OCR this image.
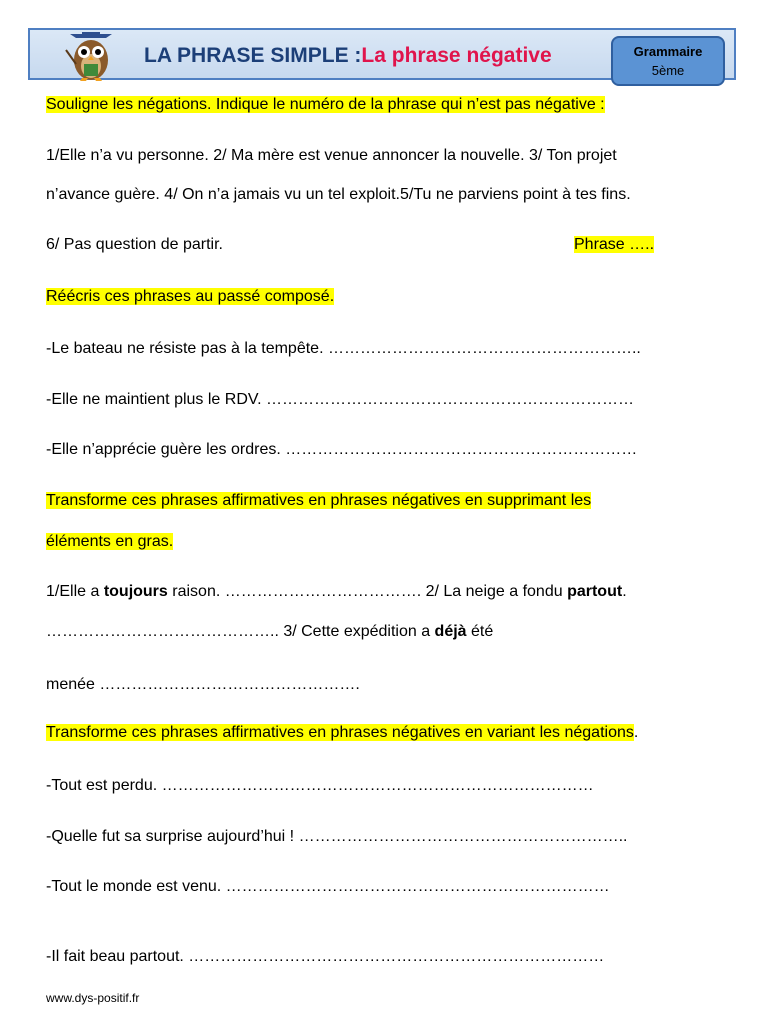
LA PHRASE SIMPLE :La phrase négative	Grammaire
5ème
Souligne les négations. Indique le numéro de la phrase qui n’est pas négative :
1/Elle n’a vu personne. 2/ Ma mère est venue annoncer la nouvelle. 3/ Ton projet
n’avance guère. 4/ On n’a jamais vu un tel exploit.5/Tu ne parviens point à tes fins.
6/ Pas question de partir.	Phrase …..
Réécris ces phrases au passé composé.
-Le bateau ne résiste pas à la tempête. …………………………………………………..
-Elle ne maintient plus le RDV. ……………………………………………………………
-Elle n’apprécie guère les ordres. …………………………………………………………
Transforme ces phrases affirmatives en phrases négatives en supprimant les
éléments en gras.
1/Elle a toujours raison. ………………………………. 2/ La neige a fondu partout.
…………………………………….. 3/ Cette expédition a déjà été
menée ………………………………………….
Transforme ces phrases affirmatives en phrases négatives en variant les négations.
-Tout est perdu. ………………………………………………………………………
-Quelle fut sa surprise aujourd’hui ! ……………………………………………………..
-Tout le monde est venu. ………………………………………………………………
-Il fait beau partout. ……………………………………………………………………
www.dys-positif.fr
